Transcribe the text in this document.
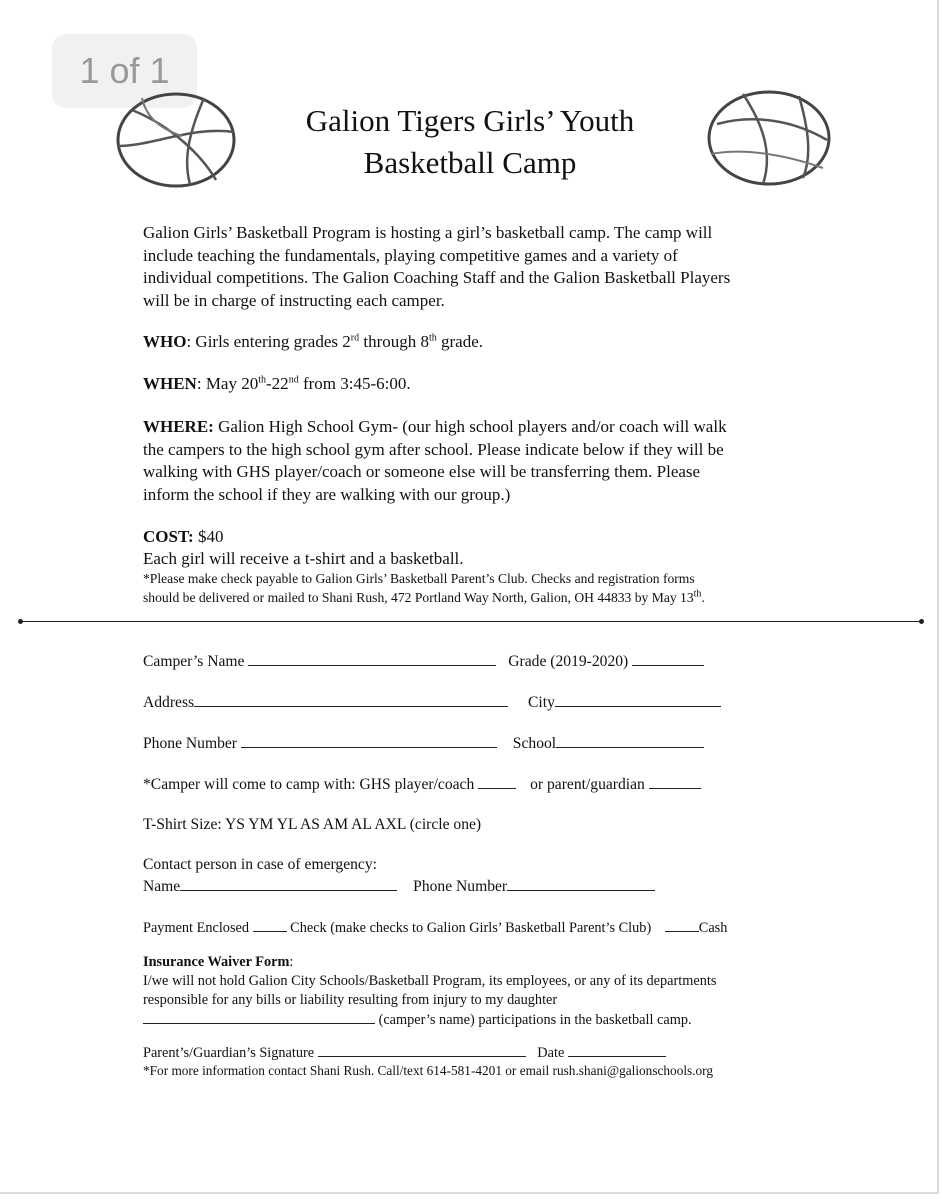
1 of 1
Galion Tigers Girls’ Youth
Basketball Camp
Galion Girls’ Basketball Program is hosting a girl’s basketball camp. The camp will
include teaching the fundamentals, playing competitive games and a variety of
individual competitions. The Galion Coaching Staff and the Galion Basketball Players
will be in charge of instructing each camper.
WHO: Girls entering grades 2rd through 8th grade.
WHEN: May 20th-22nd from 3:45-6:00.
WHERE: Galion High School Gym- (our high school players and/or coach will walk
the campers to the high school gym after school. Please indicate below if they will be
walking with GHS player/coach or someone else will be transferring them. Please
inform the school if they are walking with our group.)
COST: $40
Each girl will receive a t-shirt and a basketball.
*Please make check payable to Galion Girls’ Basketball Parent’s Club. Checks and registration forms
should be delivered or mailed to Shani Rush, 472 Portland Way North, Galion, OH 44833 by May 13th.
Camper’s Name	Grade (2019-2020)
Address	City
Phone Number	School
*Camper will come to camp with: GHS player/coach	or parent/guardian
T-Shirt Size: YS YM YL AS AM AL AXL (circle one)
Contact person in case of emergency:
Name	Phone Number
Payment Enclosed	Check (make checks to Galion Girls’ Basketball Parent’s Club)	Cash
Insurance Waiver Form:
I/we will not hold Galion City Schools/Basketball Program, its employees, or any of its departments
responsible for any bills or liability resulting from injury to my daughter
(camper’s name) participations in the basketball camp.
Parent’s/Guardian’s Signature	Date
*For more information contact Shani Rush. Call/text 614-581-4201 or email rush.shani@galionschools.org
